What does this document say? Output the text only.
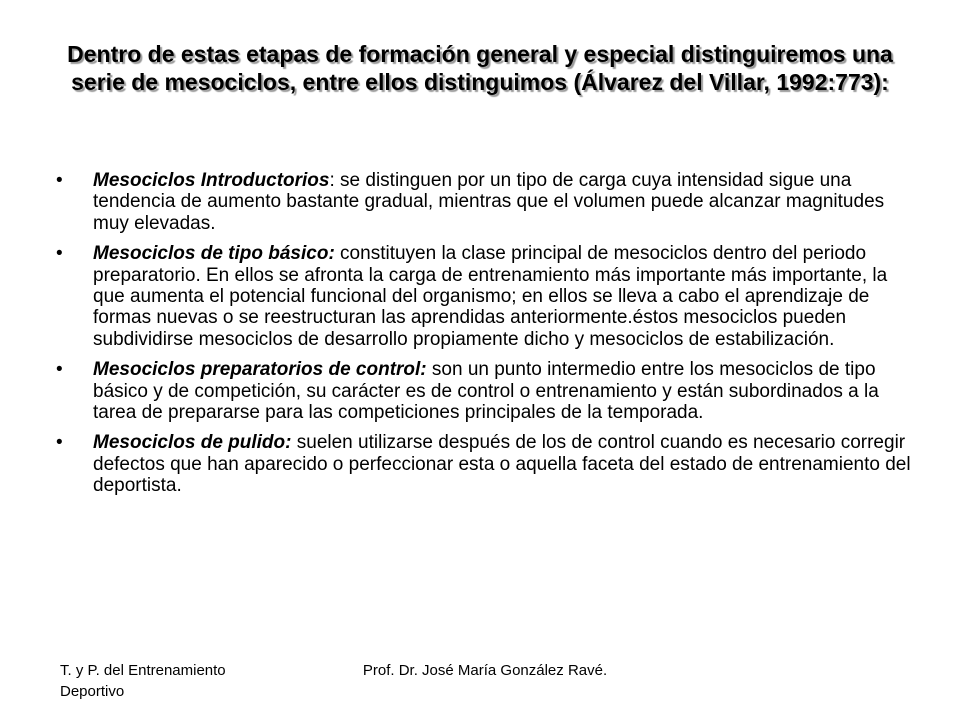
Dentro de estas etapas de formación general y especial distinguiremos una serie de mesociclos, entre ellos distinguimos (Álvarez del Villar, 1992:773):
•	Mesociclos Introductorios: se distinguen por un tipo de carga cuya intensidad sigue una tendencia de aumento bastante gradual, mientras que el volumen puede alcanzar magnitudes muy elevadas.
•	Mesociclos de tipo básico: constituyen la clase principal de mesociclos dentro del periodo preparatorio. En ellos se afronta la carga de entrenamiento más importante más importante, la que aumenta el potencial funcional del organismo; en ellos se lleva a cabo el aprendizaje de formas nuevas o se reestructuran las aprendidas anteriormente.éstos mesociclos pueden subdividirse mesociclos de desarrollo propiamente dicho y mesociclos de estabilización.
•	Mesociclos preparatorios de control: son un punto intermedio entre los mesociclos de tipo básico y de competición, su carácter es de control o entrenamiento y están subordinados a la tarea de prepararse para las competiciones principales de la temporada.
•	Mesociclos de pulido: suelen utilizarse después de los de control cuando es necesario corregir defectos que han aparecido o perfeccionar esta o aquella faceta del estado de entrenamiento del deportista.
T. y P. del Entrenamiento Deportivo
Prof. Dr. José María González Ravé.
